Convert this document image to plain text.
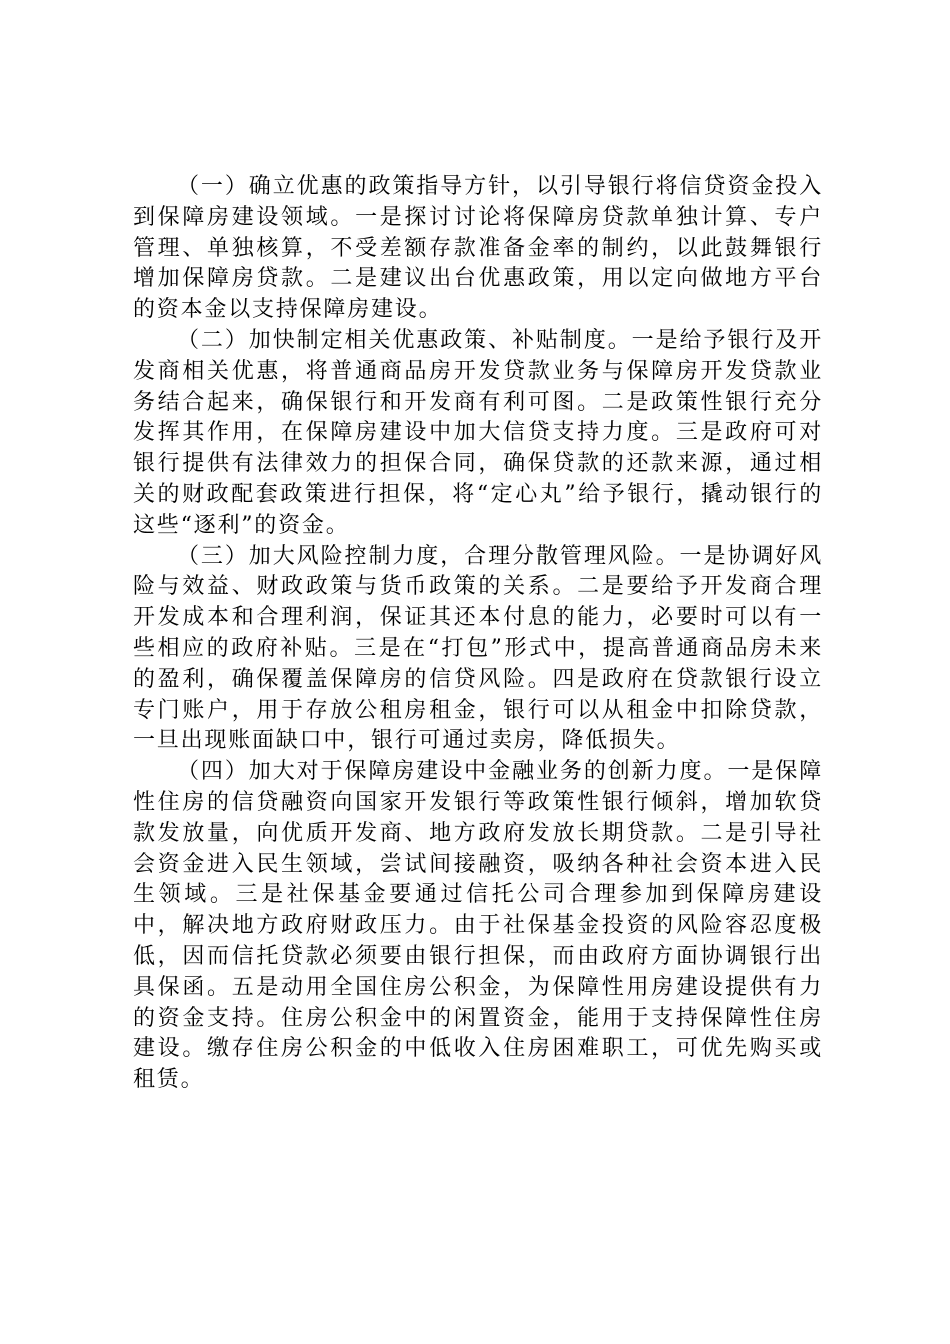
（一）确立优惠的政策指导方针，以引导银行将信贷资金投入到保障房建设领域。一是探讨讨论将保障房贷款单独计算、专户管理、单独核算，不受差额存款准备金率的制约，以此鼓舞银行增加保障房贷款。二是建议出台优惠政策，用以定向做地方平台的资本金以支持保障房建设。

（二）加快制定相关优惠政策、补贴制度。一是给予银行及开发商相关优惠，将普通商品房开发贷款业务与保障房开发贷款业务结合起来，确保银行和开发商有利可图。二是政策性银行充分发挥其作用，在保障房建设中加大信贷支持力度。三是政府可对银行提供有法律效力的担保合同，确保贷款的还款来源，通过相关的财政配套政策进行担保，将“定心丸”给予银行，撬动银行的这些“逐利”的资金。

（三）加大风险控制力度，合理分散管理风险。一是协调好风险与效益、财政政策与货币政策的关系。二是要给予开发商合理开发成本和合理利润，保证其还本付息的能力，必要时可以有一些相应的政府补贴。三是在“打包”形式中，提高普通商品房未来的盈利，确保覆盖保障房的信贷风险。四是政府在贷款银行设立专门账户，用于存放公租房租金，银行可以从租金中扣除贷款，一旦出现账面缺口中，银行可通过卖房，降低损失。

（四）加大对于保障房建设中金融业务的创新力度。一是保障性住房的信贷融资向国家开发银行等政策性银行倾斜，增加软贷款发放量，向优质开发商、地方政府发放长期贷款。二是引导社会资金进入民生领域，尝试间接融资，吸纳各种社会资本进入民生领域。三是社保基金要通过信托公司合理参加到保障房建设中，解决地方政府财政压力。由于社保基金投资的风险容忍度极低，因而信托贷款必须要由银行担保，而由政府方面协调银行出具保函。五是动用全国住房公积金，为保障性用房建设提供有力的资金支持。住房公积金中的闲置资金，能用于支持保障性住房建设。缴存住房公积金的中低收入住房困难职工，可优先购买或租赁。
